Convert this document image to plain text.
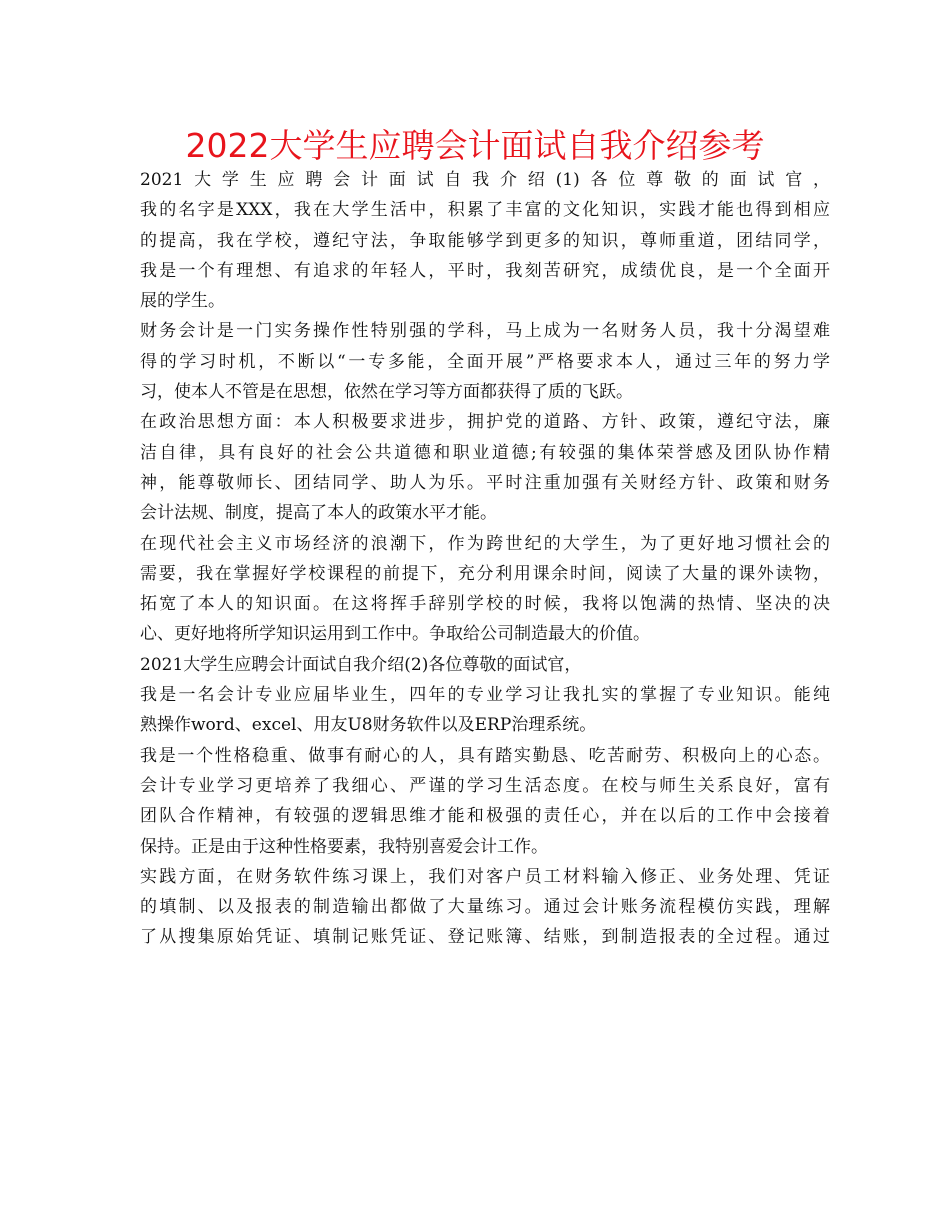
2022大学生应聘会计面试自我介绍参考
2021大学生应聘会计面试自我介绍(1)各位尊敬的面试官，
我的名字是XXX，我在大学生活中，积累了丰富的文化知识，实践才能也得到相应
的提高，我在学校，遵纪守法，争取能够学到更多的知识，尊师重道，团结同学，
我是一个有理想、有追求的年轻人，平时，我刻苦研究，成绩优良，是一个全面开
展的学生。
财务会计是一门实务操作性特别强的学科，马上成为一名财务人员，我十分渴望难
得的学习时机，不断以“一专多能，全面开展”严格要求本人，通过三年的努力学
习，使本人不管是在思想，依然在学习等方面都获得了质的飞跃。
在政治思想方面：本人积极要求进步，拥护党的道路、方针、政策，遵纪守法，廉
洁自律，具有良好的社会公共道德和职业道德;有较强的集体荣誉感及团队协作精
神，能尊敬师长、团结同学、助人为乐。平时注重加强有关财经方针、政策和财务
会计法规、制度，提高了本人的政策水平才能。
在现代社会主义市场经济的浪潮下，作为跨世纪的大学生，为了更好地习惯社会的
需要，我在掌握好学校课程的前提下，充分利用课余时间，阅读了大量的课外读物，
拓宽了本人的知识面。在这将挥手辞别学校的时候，我将以饱满的热情、坚决的决
心、更好地将所学知识运用到工作中。争取给公司制造最大的价值。
2021大学生应聘会计面试自我介绍(2)各位尊敬的面试官，
我是一名会计专业应届毕业生，四年的专业学习让我扎实的掌握了专业知识。能纯
熟操作word、excel、用友U8财务软件以及ERP治理系统。
我是一个性格稳重、做事有耐心的人，具有踏实勤恳、吃苦耐劳、积极向上的心态。
会计专业学习更培养了我细心、严谨的学习生活态度。在校与师生关系良好，富有
团队合作精神，有较强的逻辑思维才能和极强的责任心，并在以后的工作中会接着
保持。正是由于这种性格要素，我特别喜爱会计工作。
实践方面，在财务软件练习课上，我们对客户员工材料输入修正、业务处理、凭证
的填制、以及报表的制造输出都做了大量练习。通过会计账务流程模仿实践，理解
了从搜集原始凭证、填制记账凭证、登记账簿、结账，到制造报表的全过程。通过
